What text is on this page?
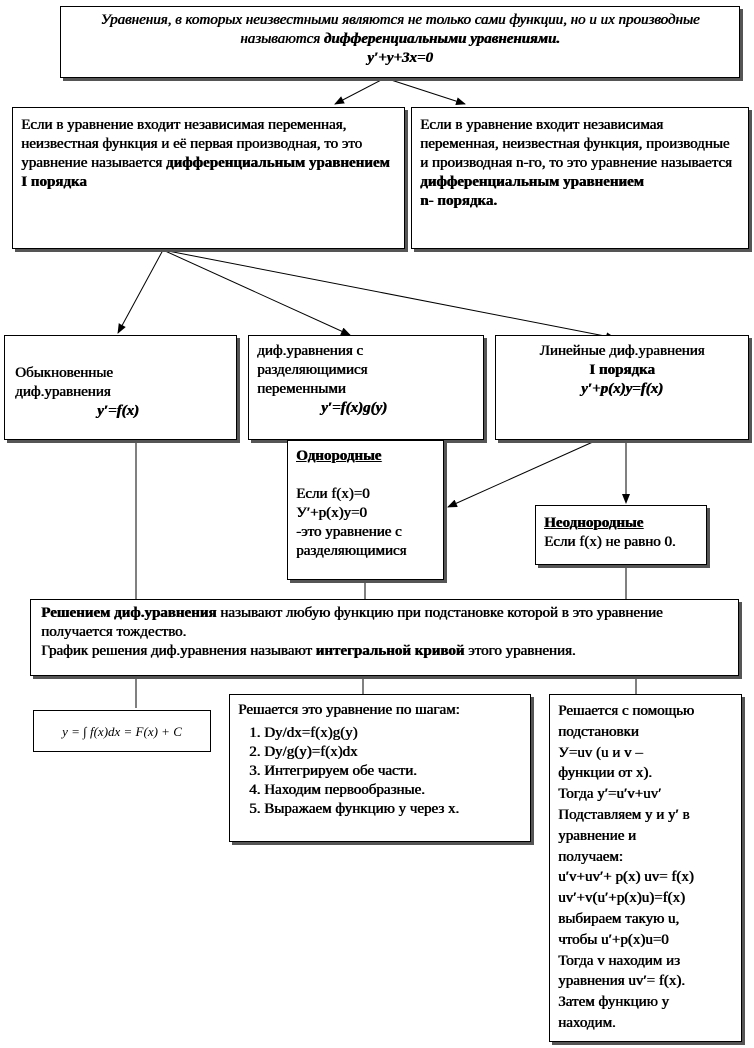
Уравнения, в которых неизвестными являются не только сами функции, но и их производные называются дифференциальными уравнениями.
y′+y+3x=0
Если в уравнение входит независимая переменная, неизвестная функция и её первая производная, то это уравнение называется дифференциальным уравнением I порядка
Если в уравнение входит независимая переменная, неизвестная функция, производные и производная n-го, то это уравнение называется
дифференциальным уравнением
n- порядка.
Обыкновенные
диф.уравнения
y′=f(x)
диф.уравнения с
разделяющимися
переменными
y′=f(x)g(y)
Линейные диф.уравнения
I порядка
y′+p(x)y=f(x)
Однородные
Если f(x)=0
У′+p(x)y=0
-это уравнение с
разделяющимися
Неоднородные
Если f(x) не равно 0.
Решением диф.уравнения называют любую функцию при подстановке которой в это уравнение получается тождество.
График решения диф.уравнения называют интегральной кривой этого уравнения.
y = ∫ f(x)dx = F(x) + C
Решается это уравнение по шагам:
1. Dy/dx=f(x)g(y)
2. Dy/g(y)=f(x)dx
3. Интегрируем обе части.
4. Находим первообразные.
5. Выражаем функцию у через x.
Решается с помощью
подстановки
У=uv (u и v –
функции от x).
Тогда y′=u′v+uv′
Подставляем у и у′ в
уравнение и
получаем:
u′v+uv′+ p(x) uv= f(x)
uv′+v(u′+p(x)u)=f(x)
выбираем такую u,
чтобы u′+p(x)u=0
Тогда v находим из
уравнения uv′= f(x).
Затем функцию у
находим.
